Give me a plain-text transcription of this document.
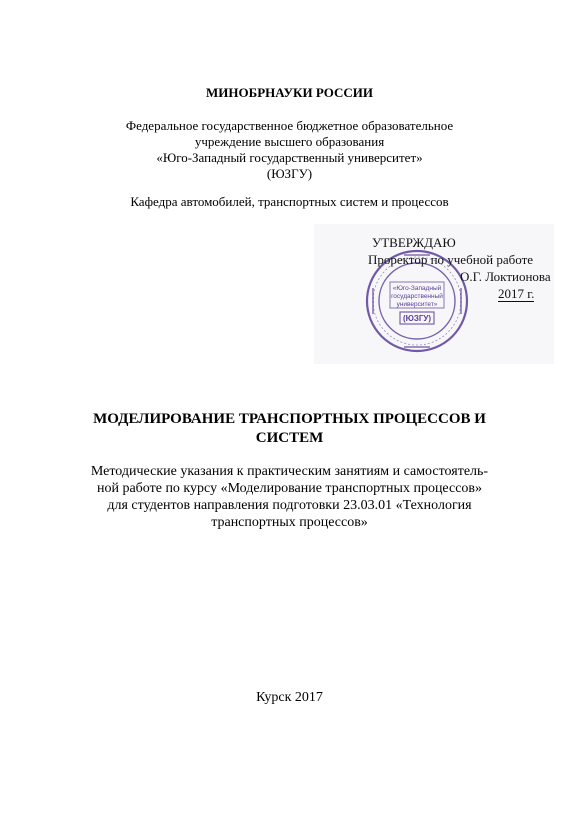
МИНОБРНАУКИ РОССИИ
Федеральное государственное бюджетное образовательное
учреждение высшего образования
«Юго-Западный государственный университет»
(ЮЗГУ)
Кафедра автомобилей, транспортных систем и процессов
«Юго-Западный
государственный
университет»
(ЮЗГУ)
УТВЕРЖДАЮ
Проректор по учебной работе
О.Г. Локтионова
2017 г.
МОДЕЛИРОВАНИЕ ТРАНСПОРТНЫХ ПРОЦЕССОВ И
СИСТЕМ
Методические указания к практическим занятиям и самостоятель-
ной работе по курсу «Моделирование транспортных процессов»
для студентов направления подготовки 23.03.01 «Технология
транспортных процессов»
Курск 2017
